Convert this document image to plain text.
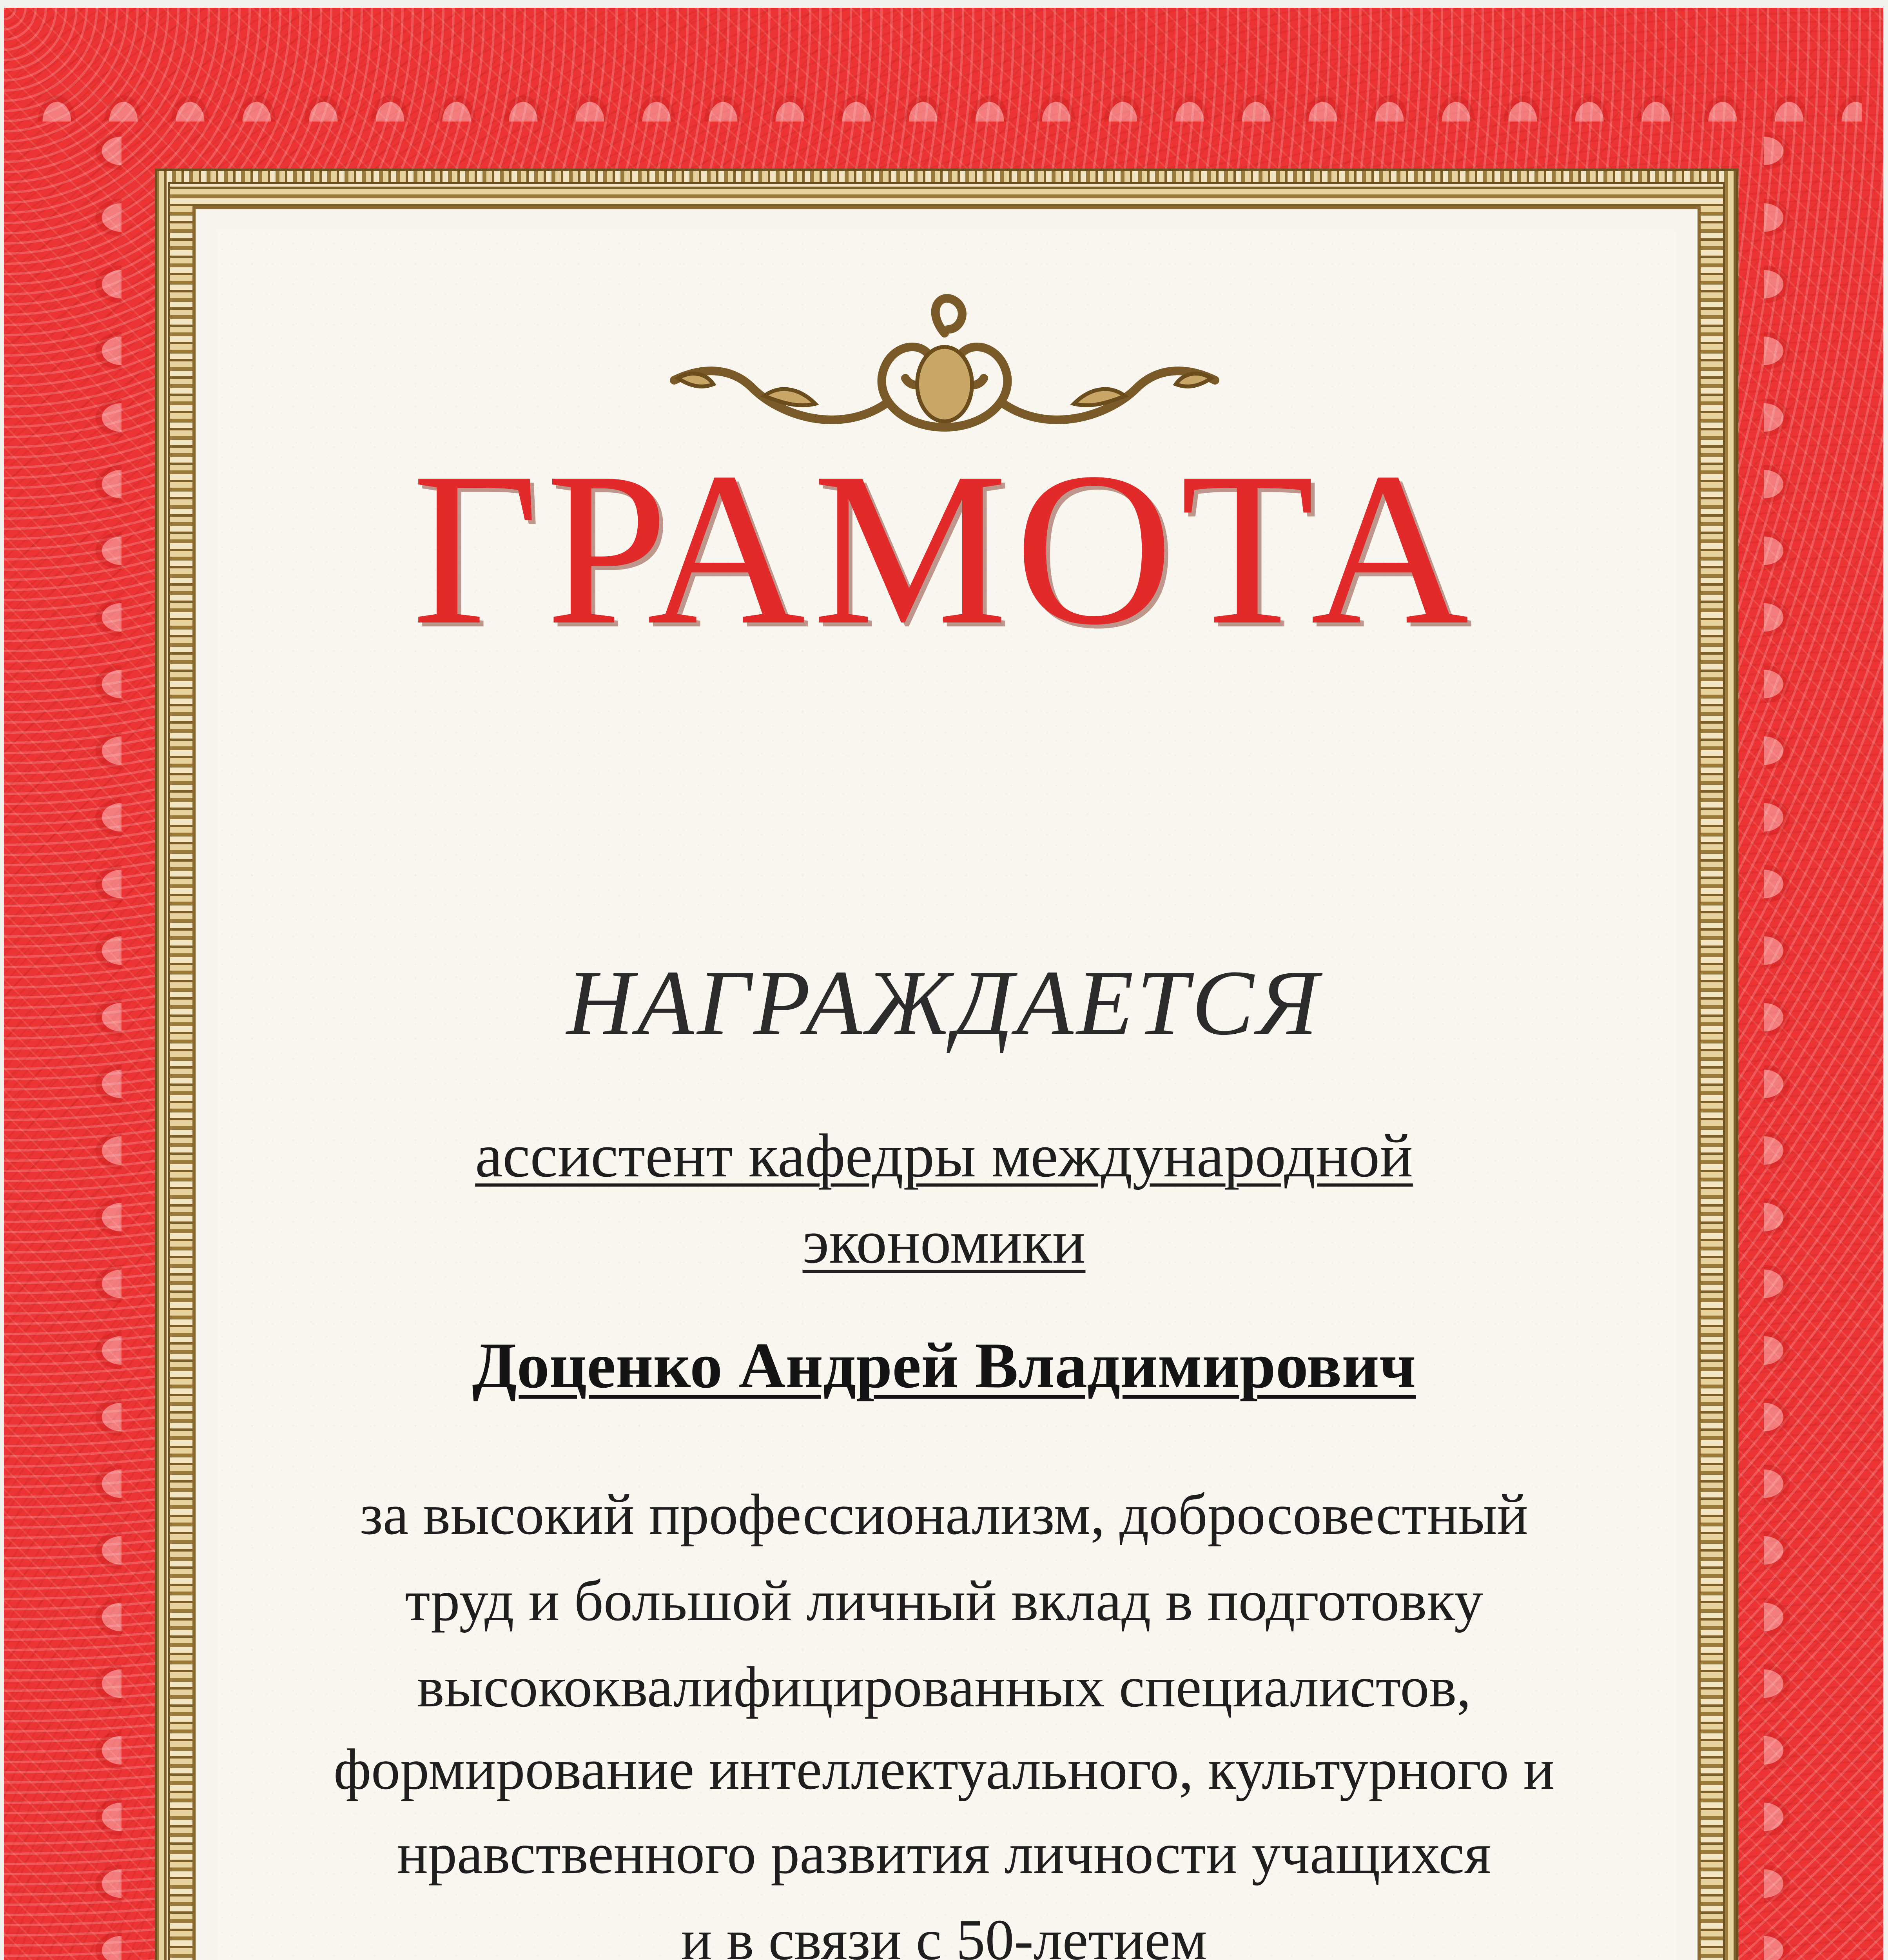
ГРАМОТА
НАГРАЖДАЕТСЯ
ассистент кафедры международной
экономики
Доценко Андрей Владимирович
за высокий профессионализм, добросовестный
труд и большой личный вклад в подготовку
высококвалифицированных специалистов,
формирование интеллектуального, культурного и
нравственного развития личности учащихся
и в связи с 50-летием
